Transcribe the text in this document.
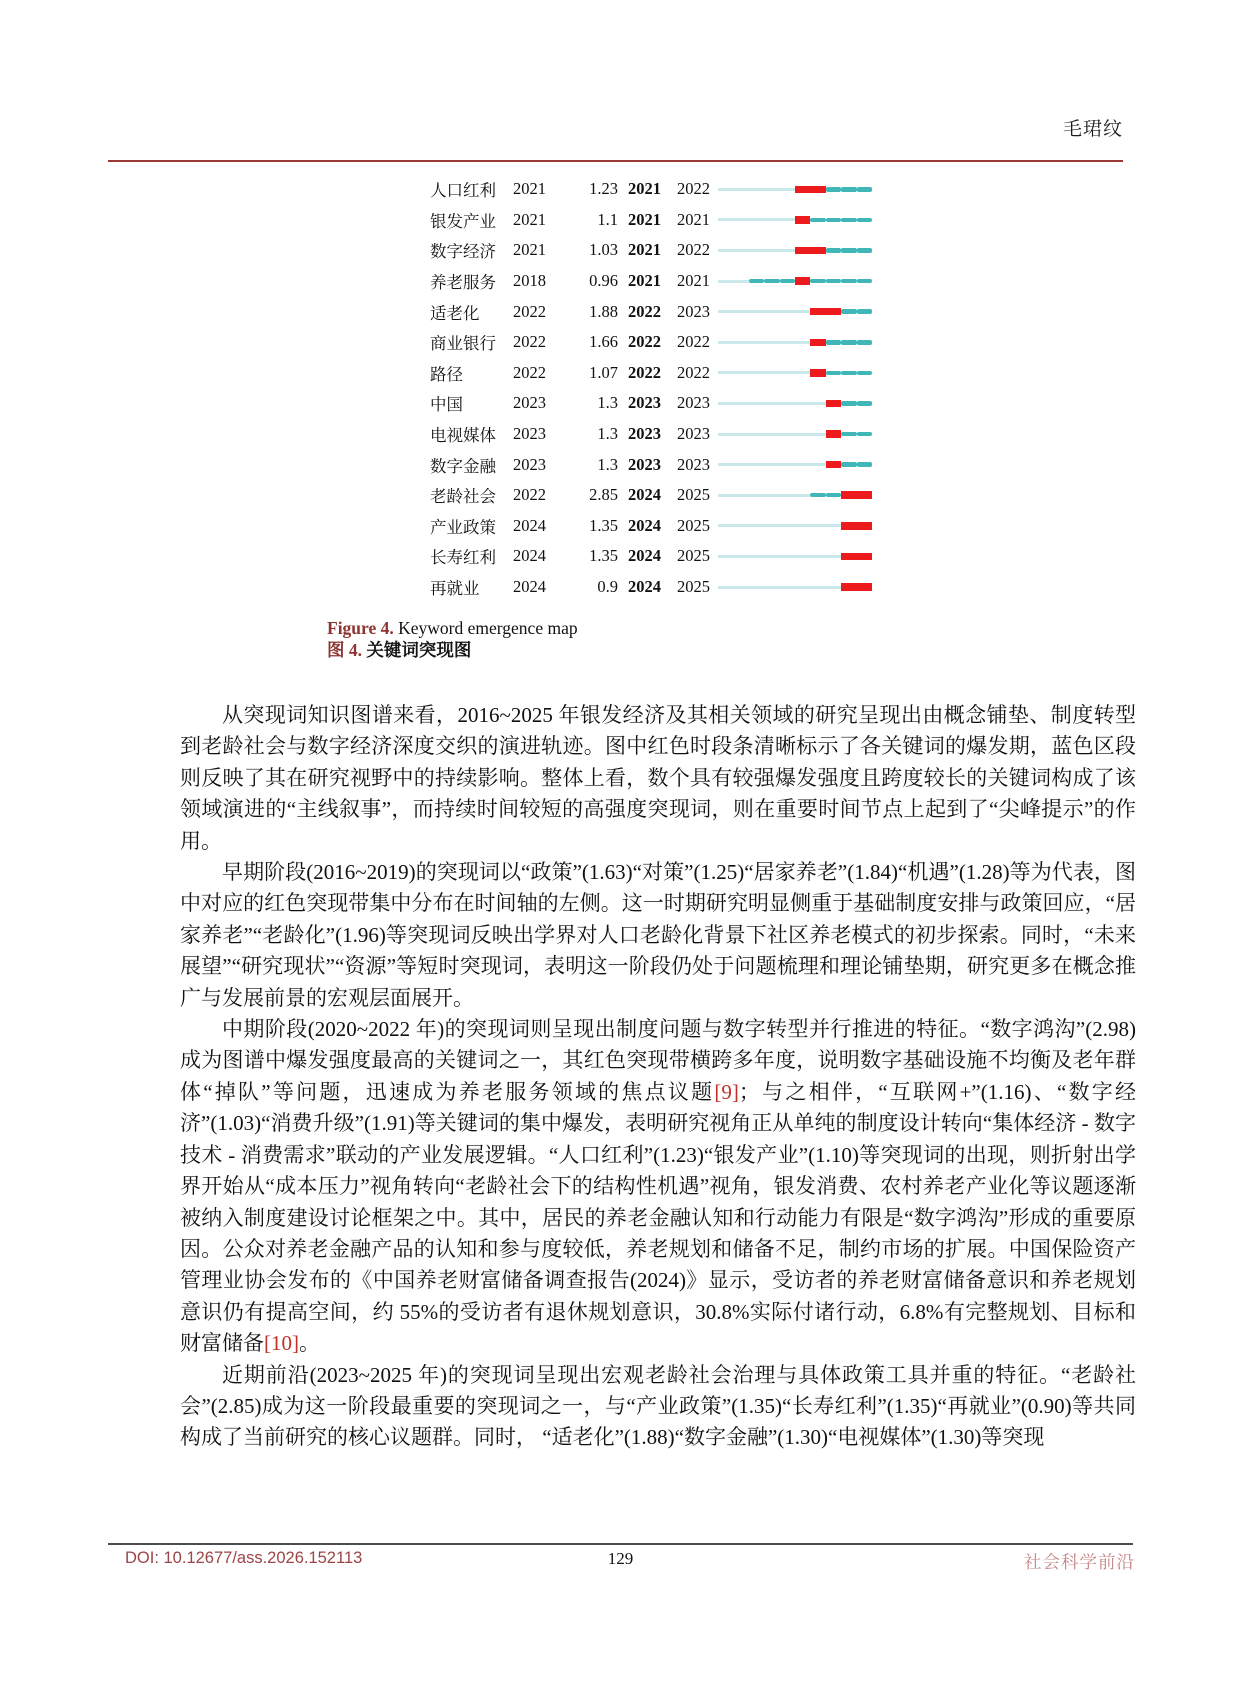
毛珺纹
人口红利	2021	1.23 2021 2022
银发产业	2021	1.1 2021 2021
数字经济	2021	1.03 2021 2022
养老服务	2018	0.96 2021 2021
适老化	2022	1.88 2022 2023
商业银行	2022	1.66 2022 2022
路径	2022	1.07 2022 2022
中国	2023	1.3 2023 2023
电视媒体	2023	1.3 2023 2023
数字金融	2023	1.3 2023 2023
老龄社会	2022	2.85 2024 2025
产业政策	2024	1.35 2024 2025
长寿红利	2024	1.35 2024 2025
再就业	2024	0.9 2024 2025
Figure 4. Keyword emergence map
图 4. 关键词突现图

从突现词知识图谱来看，2016~2025 年银发经济及其相关领域的研究呈现出由概念铺垫、制度转型到老龄社会与数字经济深度交织的演进轨迹。图中红色时段条清晰标示了各关键词的爆发期，蓝色区段则反映了其在研究视野中的持续影响。整体上看，数个具有较强爆发强度且跨度较长的关键词构成了该领域演进的“主线叙事”，而持续时间较短的高强度突现词，则在重要时间节点上起到了“尖峰提示”的作用。

早期阶段(2016~2019)的突现词以“政策”(1.63)“对策”(1.25)“居家养老”(1.84)“机遇”(1.28)等为代表，图中对应的红色突现带集中分布在时间轴的左侧。这一时期研究明显侧重于基础制度安排与政策回应，“居家养老”“老龄化”(1.96)等突现词反映出学界对人口老龄化背景下社区养老模式的初步探索。同时，“未来展望”“研究现状”“资源”等短时突现词，表明这一阶段仍处于问题梳理和理论铺垫期，研究更多在概念推广与发展前景的宏观层面展开。

中期阶段(2020~2022 年)的突现词则呈现出制度问题与数字转型并行推进的特征。“数字鸿沟”(2.98)成为图谱中爆发强度最高的关键词之一，其红色突现带横跨多年度，说明数字基础设施不均衡及老年群体“掉队”等问题，迅速成为养老服务领域的焦点议题[9]；与之相伴，“互联网+”(1.16)、“数字经济”(1.03)“消费升级”(1.91)等关键词的集中爆发，表明研究视角正从单纯的制度设计转向“集体经济 - 数字技术 - 消费需求”联动的产业发展逻辑。“人口红利”(1.23)“银发产业”(1.10)等突现词的出现，则折射出学界开始从“成本压力”视角转向“老龄社会下的结构性机遇”视角，银发消费、农村养老产业化等议题逐渐被纳入制度建设讨论框架之中。其中，居民的养老金融认知和行动能力有限是“数字鸿沟”形成的重要原因。公众对养老金融产品的认知和参与度较低，养老规划和储备不足，制约市场的扩展。中国保险资产管理业协会发布的《中国养老财富储备调查报告(2024)》显示，受访者的养老财富储备意识和养老规划意识仍有提高空间，约 55%的受访者有退休规划意识，30.8%实际付诸行动，6.8%有完整规划、目标和财富储备[10]。

近期前沿(2023~2025 年)的突现词呈现出宏观老龄社会治理与具体政策工具并重的特征。“老龄社会”(2.85)成为这一阶段最重要的突现词之一，与“产业政策”(1.35)“长寿红利”(1.35)“再就业”(0.90)等共同构成了当前研究的核心议题群。同时， “适老化”(1.88)“数字金融”(1.30)“电视媒体”(1.30)等突现

DOI: 10.12677/ass.2026.152113	129	社会科学前沿
